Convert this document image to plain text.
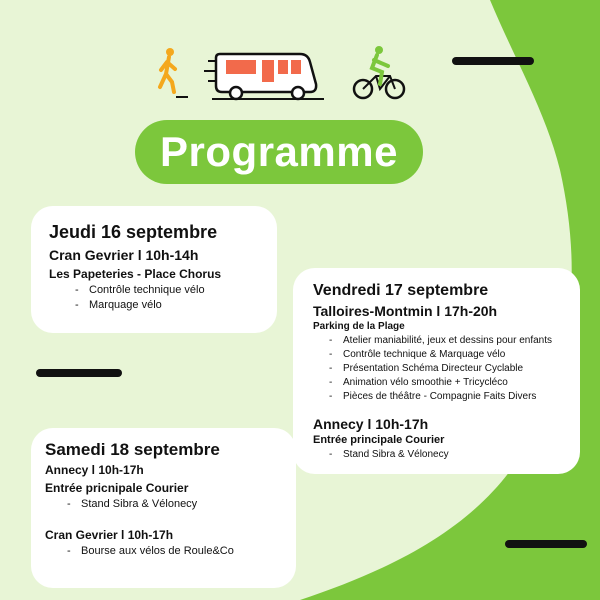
Programme
Jeudi 16 septembre

Cran Gevrier l 10h-14h

Les Papeteries - Place Chorus

- Contrôle technique vélo
- Marquage vélo
Vendredi 17 septembre

Talloires-Montmin l 17h-20h

Parking de la Plage

- Atelier maniabilité, jeux et dessins pour enfants
- Contrôle technique & Marquage vélo
- Présentation Schéma Directeur Cyclable
- Animation vélo smoothie + Tricycléco
- Pièces de théâtre - Compagnie Faits Divers

Annecy l 10h-17h

Entrée principale Courier

- Stand Sibra & Vélonecy
Samedi 18 septembre

Annecy l 10h-17h

Entrée pricnipale Courier

- Stand Sibra & Vélonecy

Cran Gevrier l 10h-17h

- Bourse aux vélos de Roule&Co
